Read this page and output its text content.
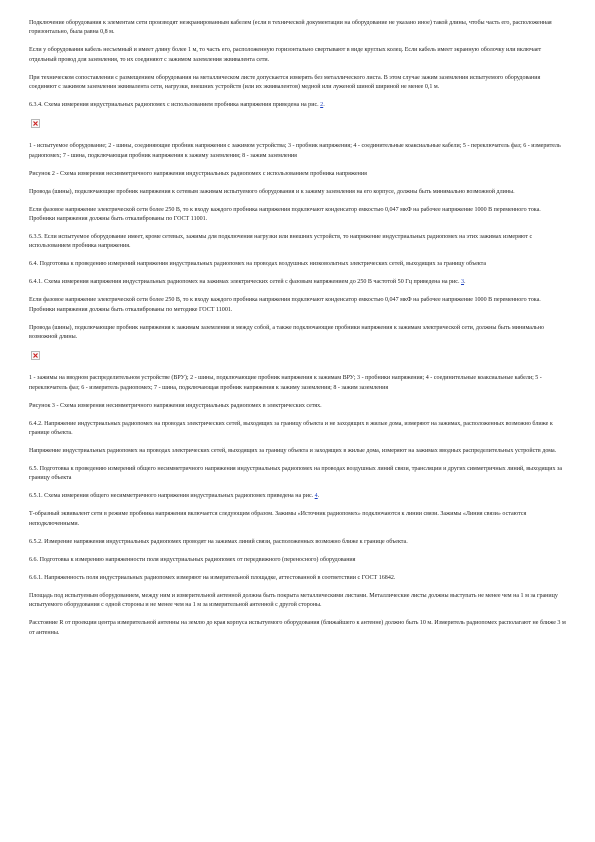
Подключение оборудования к элементам сети производят неэкранированным кабелем (если в технической документации на оборудование не указано иное) такой длины, чтобы часть его, расположенная горизонтально, была равна 0,8 м.

Если у оборудования кабель несъемный и имеет длину более 1 м, то часть его, расположенную горизонтально свертывают в виде круглых колец. Если кабель имеет экранную оболочку или включает отдельный провод для заземления, то их соединяют с зажимом заземления эквивалента сети.

При техническом сопоставлении с размещением оборудования на металлическом листе допускается измерять без металлического листа. В этом случае зажим заземления испытуемого оборудования соединяют с зажимом заземления эквивалента сети, нагрузки, внешних устройств (или их эквивалентов) медной или луженой шиной шириной не менее 0,1 м.

6.3.4. Схема измерения индустриальных радиопомех с использованием пробника напряжения приведена на рис. 2.

1 - испытуемое оборудование; 2 - шины, соединяющие пробник напряжения с зажимом устройства; 3 - пробник напряжения; 4 - соединительные коаксиальные кабели; 5 - переключатель фаз; 6 - измеритель радиопомех; 7 - шина, подключающая пробник напряжения к зажиму заземления; 8 - зажим заземления

Рисунок 2 - Схема измерения несимметричного напряжения индустриальных радиопомех с использованием пробника напряжения

Провода (шины), подключающие пробник напряжения к сетевым зажимам испытуемого оборудования и к зажиму заземления на его корпусе, должны быть минимально возможной длины.

Если фазовое напряжение электрической сети более 250 В, то к входу каждого пробника напряжения подключают конденсатор емкостью 0,047 мкФ на рабочее напряжение 1000 В переменного тока. Пробники напряжения должны быть откалиброваны по ГОСТ 11001.

6.3.5. Если испытуемое оборудование имеет, кроме сетевых, зажимы для подключения нагрузки или внешних устройств, то напряжение индустриальных радиопомех на этих зажимах измеряют с использованием пробника напряжения.

6.4. Подготовка к проведению измерений напряжения индустриальных радиопомех на проводах воздушных низковольтных электрических сетей, выходящих за границу объекта

6.4.1. Схема измерения напряжения индустриальных радиопомех на зажимах электрических сетей с фазовым напряжением до 250 В частотой 50 Гц приведена на рис. 3.

Если фазовое напряжение электрической сети более 250 В, то к входу каждого пробника напряжения подключают конденсатор емкостью 0,047 мкФ на рабочее напряжение 1000 В переменного тока. Пробники напряжения должны быть откалиброваны по методике ГОСТ 11001.

Провода (шины), подключающие пробник напряжения к зажимам заземления и между собой, а также подключающие пробники напряжения к зажимам электрической сети, должны быть минимально возможной длины.

1 - зажимы на вводном распределительном устройстве (ВРУ); 2 - шины, подключающие пробник напряжения к зажимам ВРУ; 3 - пробники напряжения; 4 - соединительные коаксиальные кабели; 5 - переключатель фаз; 6 - измеритель радиопомех; 7 - шина, подключающая пробник напряжения к зажиму заземления; 8 - зажим заземления

Рисунок 3 - Схема измерения несимметричного напряжения индустриальных радиопомех в электрических сетях.

6.4.2. Напряжение индустриальных радиопомех на проводах электрических сетей, выходящих за границу объекта и не заходящих в жилые дома, измеряют на зажимах, расположенных возможно ближе к границе объекта.

Напряжение индустриальных радиопомех на проводах электрических сетей, выходящих за границу объекта и заходящих в жилые дома, измеряют на зажимах вводных распределительных устройств дома.

6.5. Подготовка к проведению измерений общего несимметричного напряжения индустриальных радиопомех на проводах воздушных линий связи, трансляции и других симметричных линий, выходящих за границу объекта

6.5.1. Схема измерения общего несимметричного напряжения индустриальных радиопомех приведена на рис. 4.

Т-образный эквивалент сети в режиме пробника напряжения включается следующим образом. Зажимы «Источник радиопомех» подключаются к линии связи. Зажимы «Линия связи» остаются неподключенными.

6.5.2. Измерение напряжения индустриальных радиопомех проводят на зажимах линий связи, расположенных возможно ближе к границе объекта.

6.6. Подготовка к измерению напряженности поля индустриальных радиопомех от передвижного (переносного) оборудования

6.6.1. Напряженность поля индустриальных радиопомех измеряют на измерительной площадке, аттестованной в соответствии с ГОСТ 16842.

Площадь под испытуемым оборудованием, между ним и измерительной антенной должна быть покрыта металлическими листами. Металлические листы должны выступать не менее чем на 1 м за границу испытуемого оборудования с одной стороны и не менее чем на 1 м за измерительной антенной с другой стороны.

Расстояние R от проекции центра измерительной антенны на землю до края корпуса испытуемого оборудования (ближайшего к антенне) должно быть 10 м. Измеритель радиопомех располагают не ближе 3 м от антенны.
